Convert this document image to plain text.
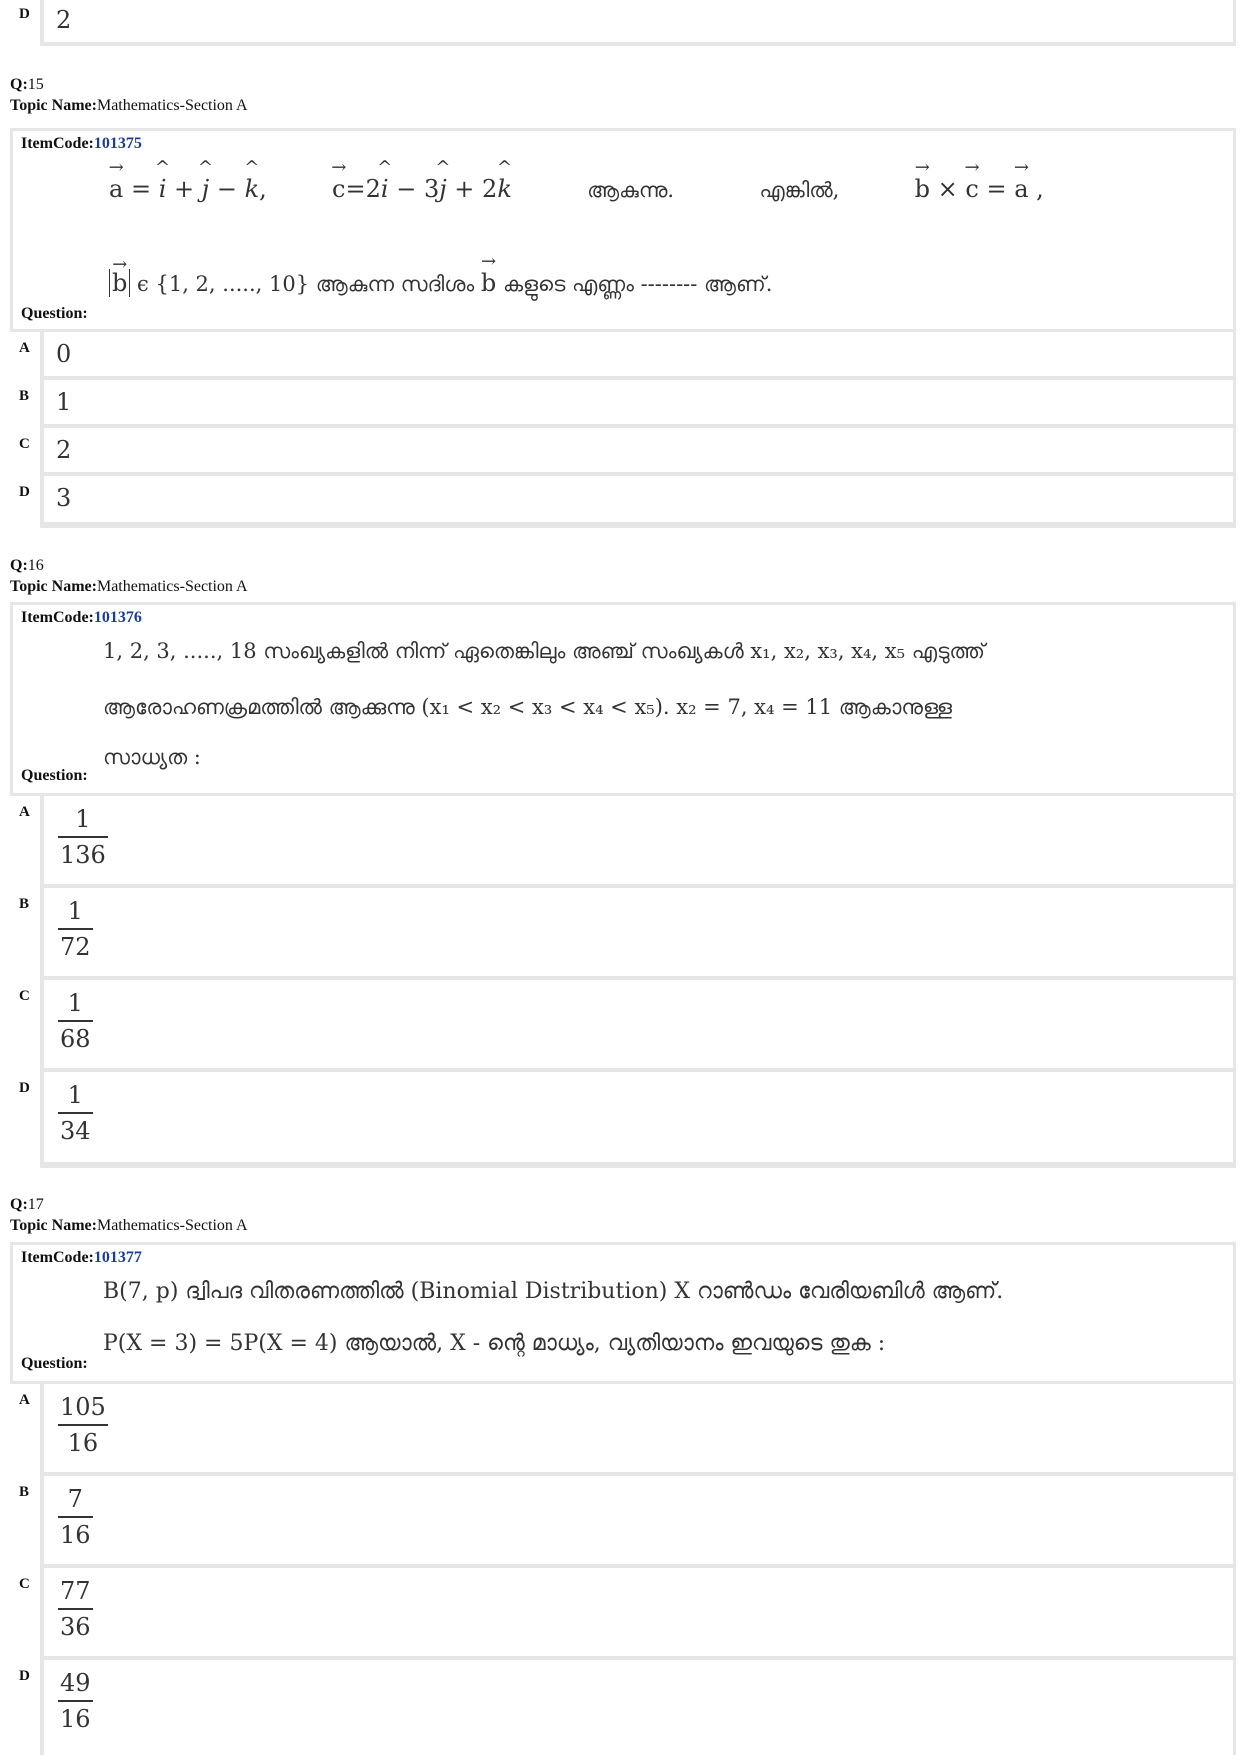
D	2
Q:15
Topic Name:Mathematics-Section A
ItemCode:101375
→ a = ^ i + ^ j − ^ k,	→ c=2^ i − 3^ j + 2^ k	ആകുന്നു.	എങ്കിൽ,	→ b × → c = → a ,
→ b ϵ {1, 2, ....., 10} ആകുന്ന സദിശം → b കളുടെ എണ്ണം -------- ആണ്.
Question:
A	0
B	1
C	2
D	3
Q:16
Topic Name:Mathematics-Section A
ItemCode:101376
1, 2, 3, ....., 18 സംഖ്യകളിൽ നിന്ന് ഏതെങ്കിലും അഞ്ച് സംഖ്യകൾ x₁, x₂, x₃, x₄, x₅ എടുത്ത്
ആരോഹണക്രമത്തിൽ ആക്കുന്നു (x₁ < x₂ < x₃ < x₄ < x₅). x₂ = 7, x₄ = 11 ആകാനുള്ള
സാധ്യത :
Question:
A	1
136
B	1
72
C	1
68
D	1
34
Q:17
Topic Name:Mathematics-Section A
ItemCode:101377
B(7, p) ദ്വിപദ വിതരണത്തിൽ (Binomial Distribution) X റാൺഡം വേരിയബിൾ ആണ്.
P(X = 3) = 5P(X = 4) ആയാൽ, X - ന്റെ മാധ്യം, വ്യതിയാനം ഇവയുടെ തുക :
Question:
A	105
16
B	7
16
C	77
36
D	49
16
